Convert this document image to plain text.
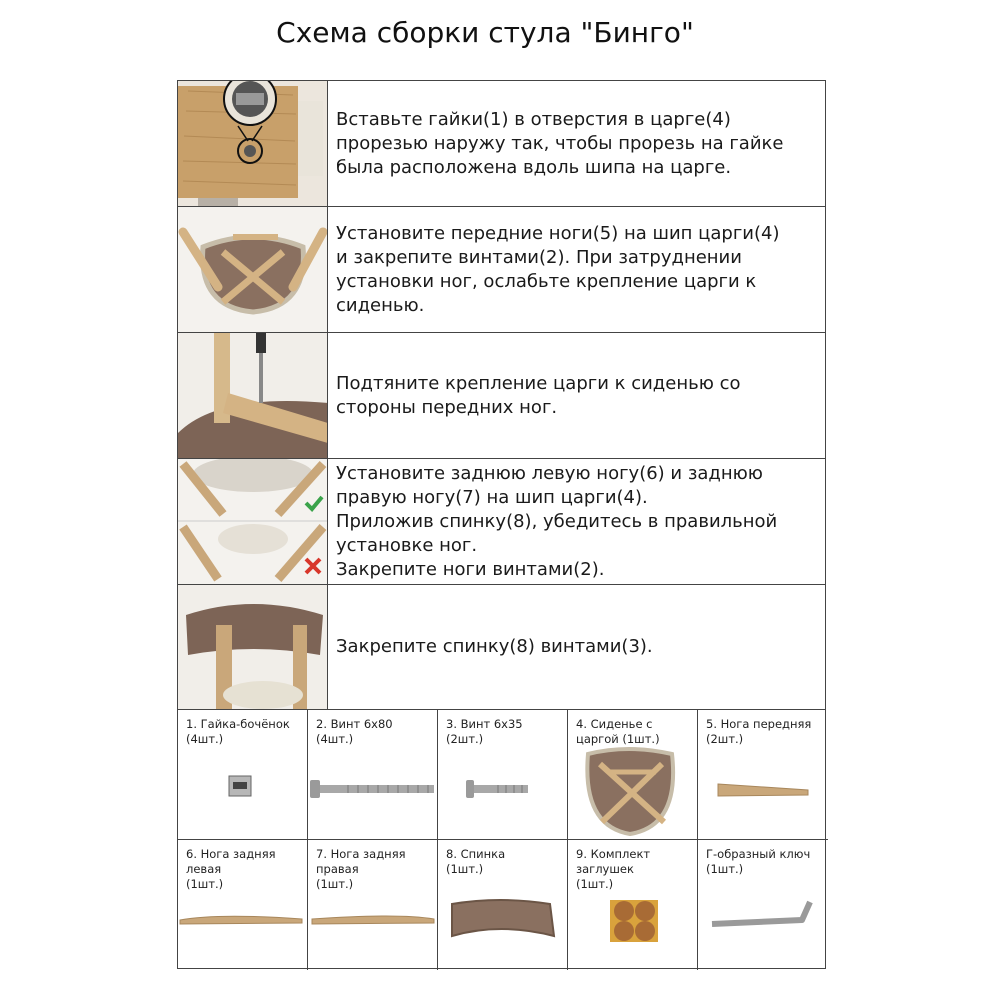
Схема сборки стула "Бинго"

Вставьте гайки(1) в отверстия в царге(4)
прорезью наружу так, чтобы прорезь на гайке
была расположена вдоль шипа на царге.

Установите передние ноги(5) на шип царги(4)
и закрепите винтами(2). При затруднении
установки ног, ослабьте крепление царги к
сиденью.

Подтяните крепление царги к сиденью со
стороны передних ног.

Установите заднюю левую ногу(6) и заднюю
правую ногу(7) на шип царги(4).
Приложив спинку(8), убедитесь в правильной
установке ног.
Закрепите ноги винтами(2).

Закрепите спинку(8) винтами(3).

1. Гайка-бочёнок
(4шт.)
2. Винт 6х80
(4шт.)
3. Винт 6х35
(2шт.)
4. Сиденье с
царгой (1шт.)
5. Нога передняя
(2шт.)
6. Нога задняя
левая
(1шт.)
7. Нога задняя
правая
(1шт.)
8. Спинка
(1шт.)
9. Комплект
заглушек
(1шт.)
Г-образный ключ
(1шт.)
